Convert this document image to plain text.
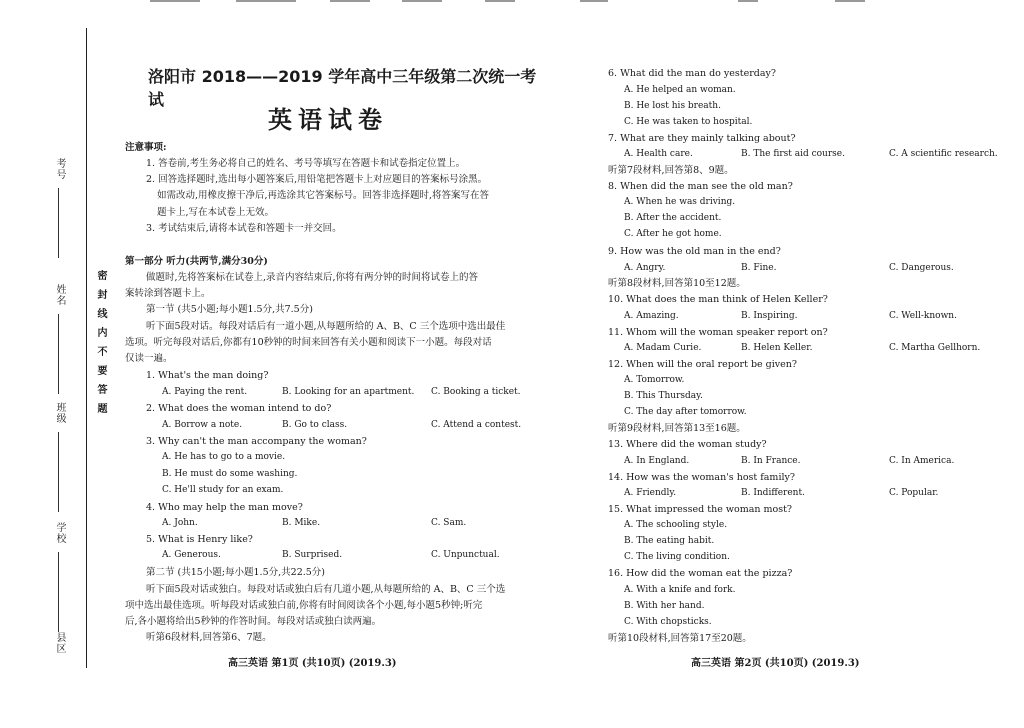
考号
姓名
班级
学校
县区
密封线内不要答题
洛阳市 2018——2019 学年高中三年级第二次统一考试
英语试卷
注意事项:
1. 答卷前,考生务必将自己的姓名、考号等填写在答题卡和试卷指定位置上。
2. 回答选择题时,选出每小题答案后,用铅笔把答题卡上对应题目的答案标号涂黑。
如需改动,用橡皮擦干净后,再选涂其它答案标号。回答非选择题时,将答案写在答
题卡上,写在本试卷上无效。
3. 考试结束后,请将本试卷和答题卡一并交回。
第一部分 听力(共两节,满分30分)
做题时,先将答案标在试卷上,录音内容结束后,你将有两分钟的时间将试卷上的答
案转涂到答题卡上。
第一节 (共5小题;每小题1.5分,共7.5分)
听下面5段对话。每段对话后有一道小题,从每题所给的 A、B、C 三个选项中选出最佳
选项。听完每段对话后,你都有10秒钟的时间来回答有关小题和阅读下一小题。每段对话
仅读一遍。
1. What's the man doing?
A. Paying the rent.	B. Looking for an apartment. C. Booking a ticket.
2. What does the woman intend to do?
A. Borrow a note.	B. Go to class.	C. Attend a contest.
3. Why can't the man accompany the woman?
A. He has to go to a movie.
B. He must do some washing.
C. He'll study for an exam.
4. Who may help the man move?
A. John.	B. Mike.	C. Sam.
5. What is Henry like?
A. Generous.	B. Surprised.	C. Unpunctual.
第二节 (共15小题;每小题1.5分,共22.5分)
听下面5段对话或独白。每段对话或独白后有几道小题,从每题所给的 A、B、C 三个选
项中选出最佳选项。听每段对话或独白前,你将有时间阅读各个小题,每小题5秒钟;听完
后,各小题将给出5秒钟的作答时间。每段对话或独白读两遍。
听第6段材料,回答第6、7题。
高三英语 第1页 (共10页) (2019.3)
6. What did the man do yesterday?
A. He helped an woman.
B. He lost his breath.
C. He was taken to hospital.
7. What are they mainly talking about?
A. Health care.	B. The first aid course.	C. A scientific research.
听第7段材料,回答第8、9题。
8. When did the man see the old man?
A. When he was driving.
B. After the accident.
C. After he got home.
9. How was the old man in the end?
A. Angry.	B. Fine.	C. Dangerous.
听第8段材料,回答第10至12题。
10. What does the man think of Helen Keller?
A. Amazing.	B. Inspiring.	C. Well-known.
11. Whom will the woman speaker report on?
A. Madam Curie.	B. Helen Keller.	C. Martha Gellhorn.
12. When will the oral report be given?
A. Tomorrow.
B. This Thursday.
C. The day after tomorrow.
听第9段材料,回答第13至16题。
13. Where did the woman study?
A. In England.	B. In France.	C. In America.
14. How was the woman's host family?
A. Friendly.	B. Indifferent.	C. Popular.
15. What impressed the woman most?
A. The schooling style.
B. The eating habit.
C. The living condition.
16. How did the woman eat the pizza?
A. With a knife and fork.
B. With her hand.
C. With chopsticks.
听第10段材料,回答第17至20题。
高三英语 第2页 (共10页) (2019.3)
